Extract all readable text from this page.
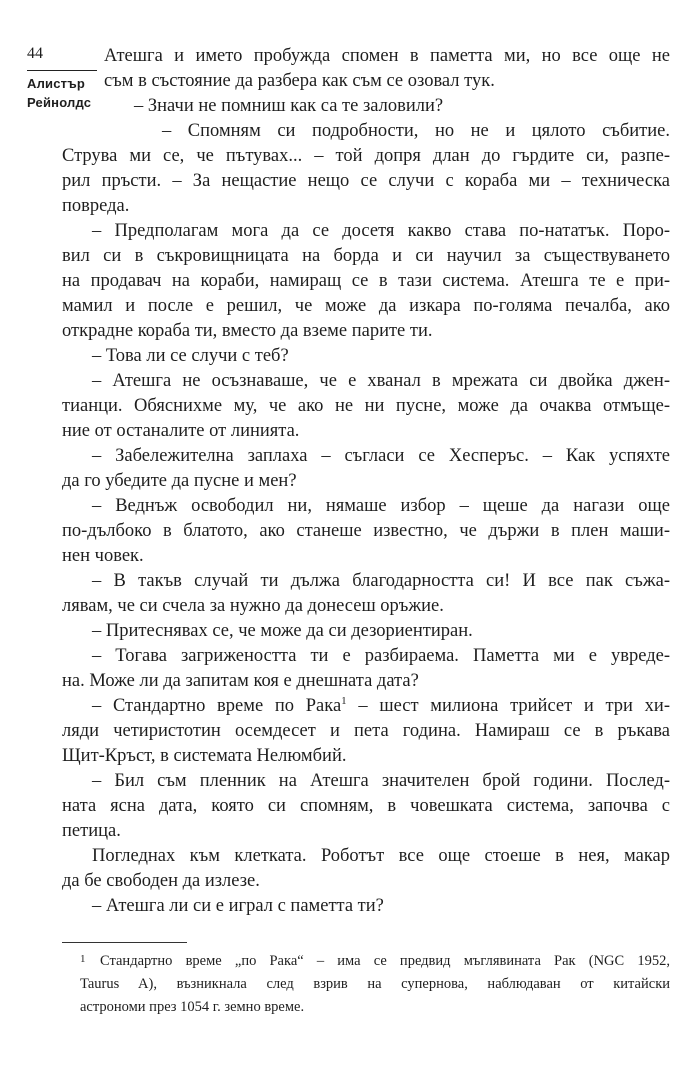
44
Алистър
Рейнолдс

Атешга и името пробужда спомен в паметта ми, но все още не

съм в състояние да разбера как съм се озовал тук.

– Значи не помниш как са те заловили?

– Спомням си подробности, но не и цялото събитие.

Струва ми се, че пътувах... – той допря длан до гърдите си, разпе-

рил пръсти. – За нещастие нещо се случи с кораба ми – техническа

повреда.

– Предполагам мога да се досетя какво става по-нататък. Поро-

вил си в съкровищницата на борда и си научил за съществуването

на продавач на кораби, намиращ се в тази система. Атешга те е при-

мамил и после е решил, че може да изкара по-голяма печалба, ако

открадне кораба ти, вместо да вземе парите ти.

– Това ли се случи с теб?

– Атешга не осъзнаваше, че е хванал в мрежата си двойка джен-

тианци. Обяснихме му, че ако не ни пусне, може да очаква отмъще-

ние от останалите от линията.

– Забележителна заплаха – съгласи се Хесперъс. – Как успяхте

да го убедите да пусне и мен?

– Веднъж освободил ни, нямаше избор – щеше да нагази още

по-дълбоко в блатото, ако станеше известно, че държи в плен маши-

нен човек.

– В такъв случай ти дължа благодарността си! И все пак съжа-

лявам, че си счела за нужно да донесеш оръжие.

– Притеснявах се, че може да си дезориентиран.

– Тогава загрижеността ти е разбираема. Паметта ми е увреде-

на. Може ли да запитам коя е днешната дата?

– Стандартно време по Рака$^1$ – шест милиона трийсет и три хи-

ляди четиристотин осемдесет и пета година. Намираш се в ръкава

Щит-Кръст, в системата Нелюмбий.

– Бил съм пленник на Атешга значителен брой години. Послед-

ната ясна дата, която си спомням, в човешката система, започва с

петица.

Погледнах към клетката. Роботът все още стоеше в нея, макар

да бе свободен да излезе.

– Атешга ли си е играл с паметта ти?

1 Стандартно време „по Рака“ – има се предвид мъглявината Рак (NGC 1952,

Taurus A), възникнала след взрив на супернова, наблюдаван от китайски

астрономи през 1054 г. земно време.
